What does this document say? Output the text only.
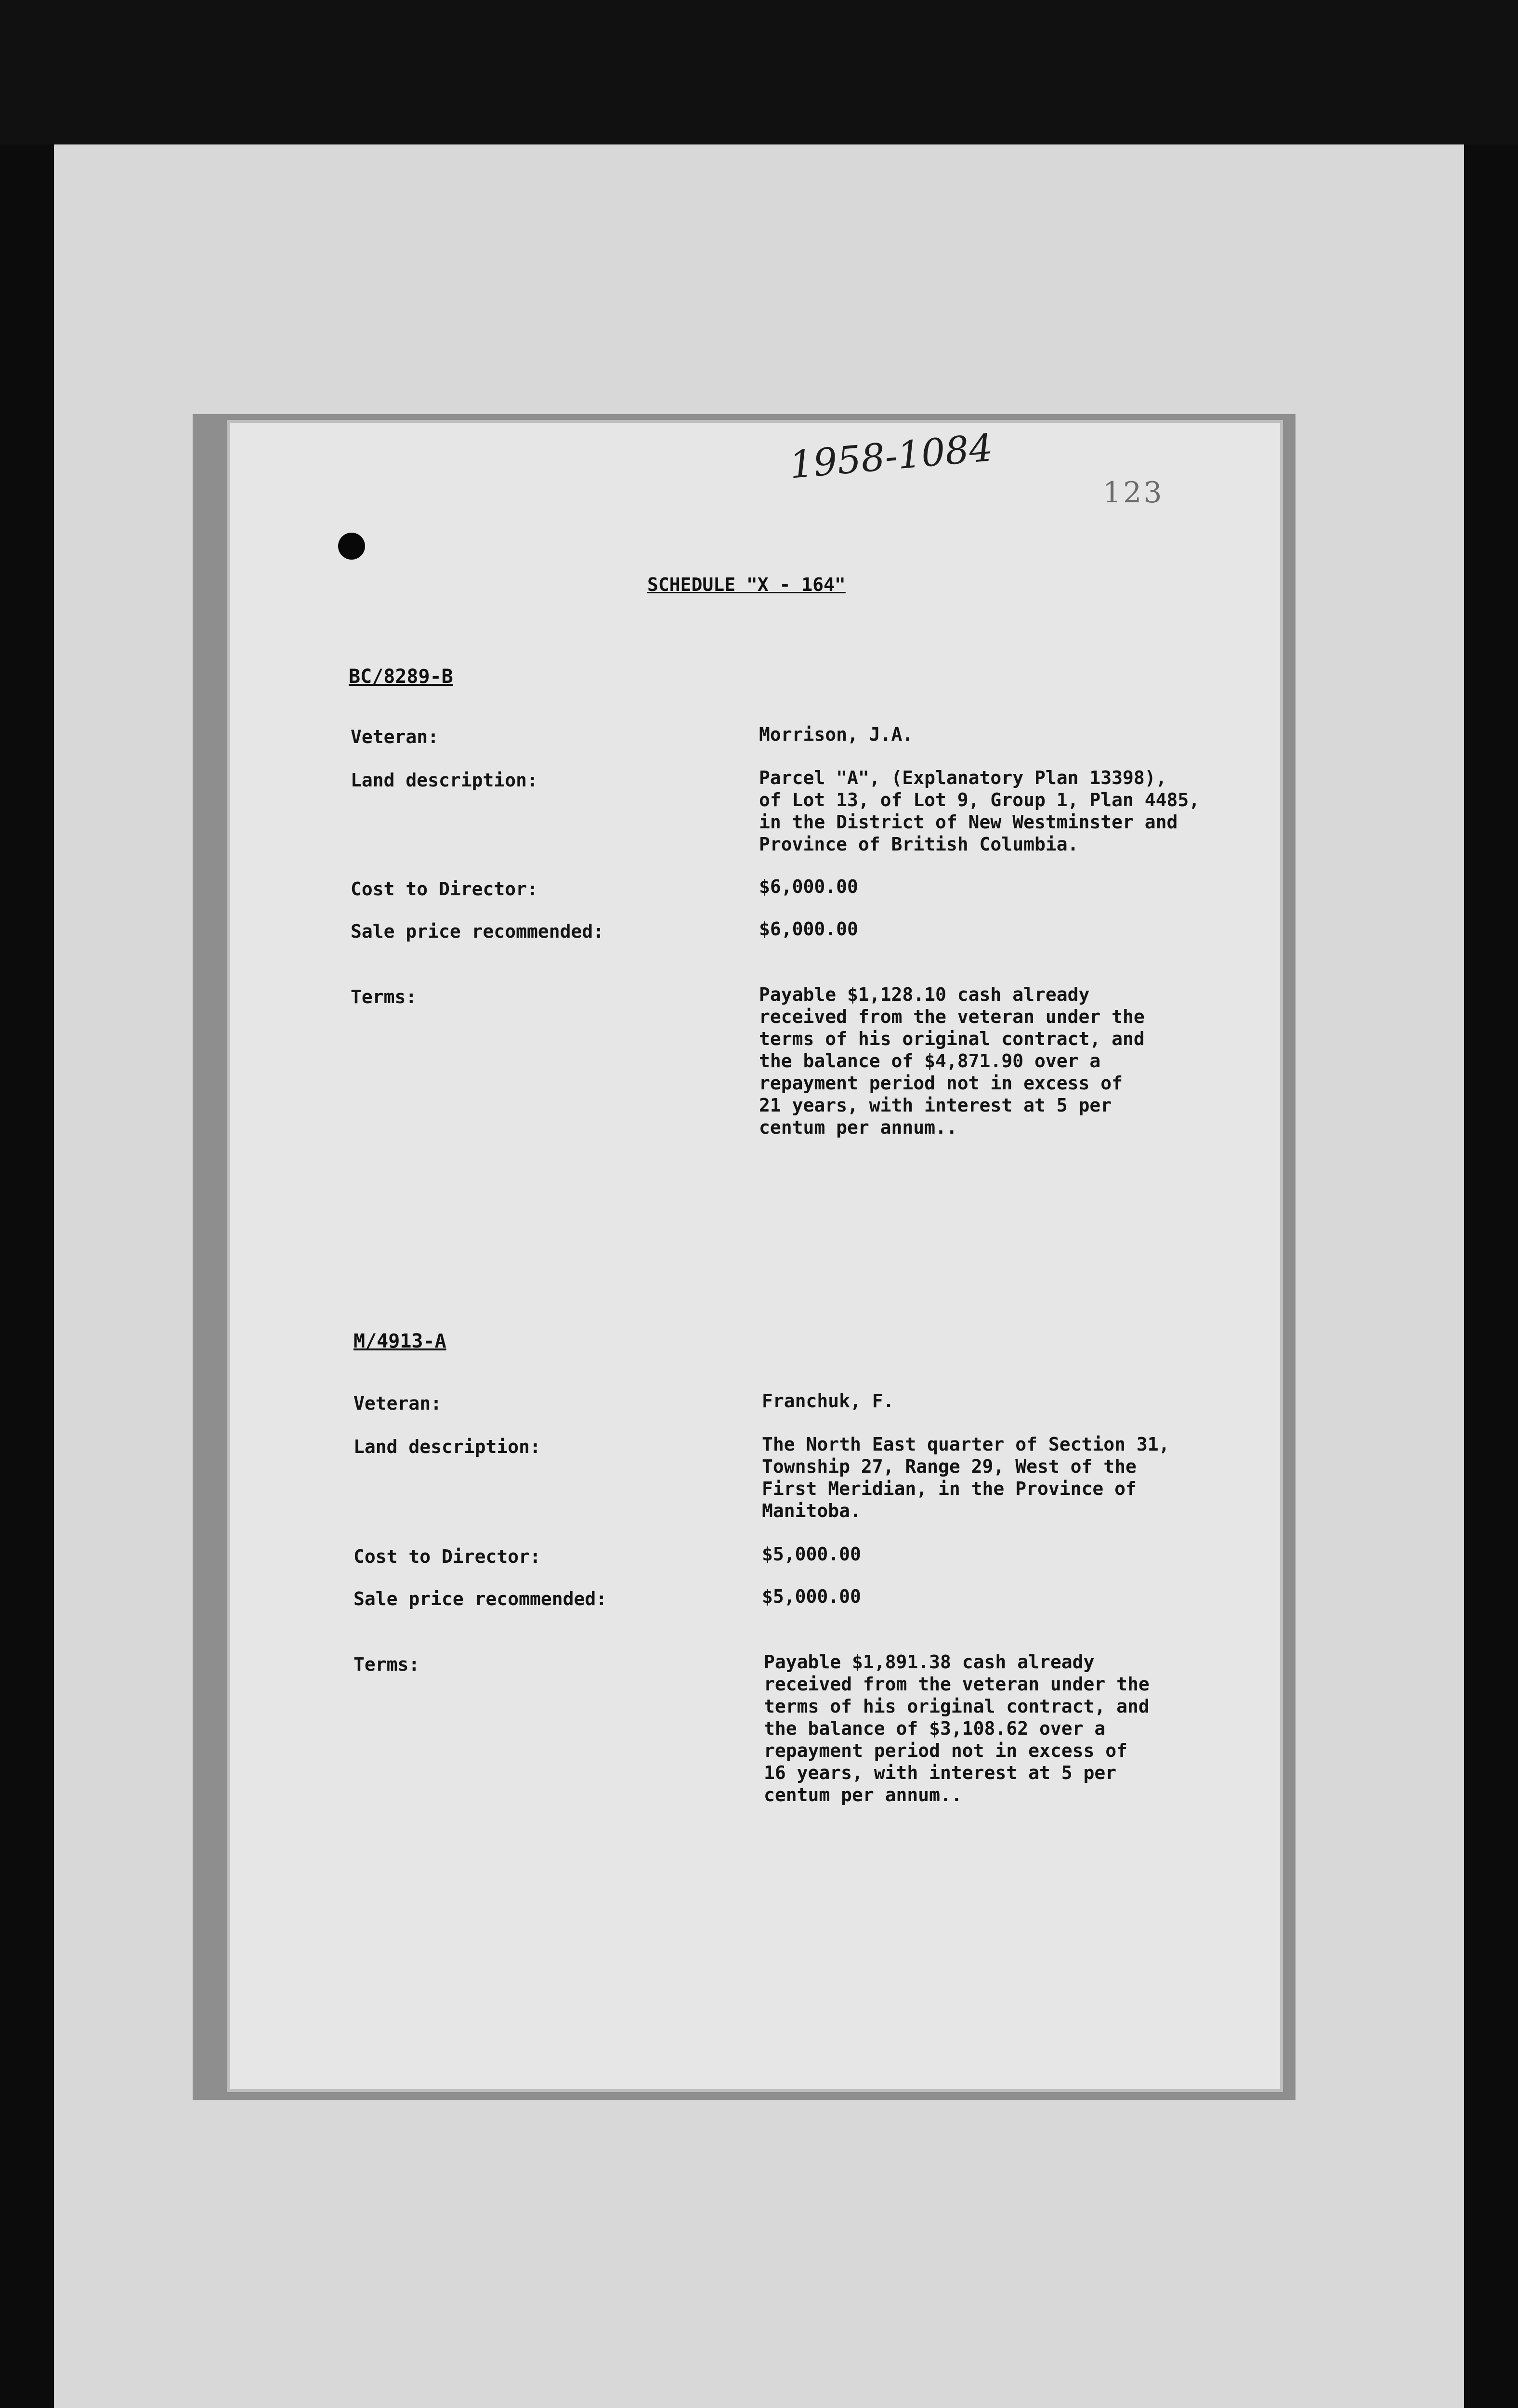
1958-1084
123
SCHEDULE "X - 164"
BC/8289-B
Veteran:	Morrison, J.A.
Land description:	Parcel "A", (Explanatory Plan 13398),
of Lot 13, of Lot 9, Group 1, Plan 4485,
in the District of New Westminster and
Province of British Columbia.
Cost to Director:	$6,000.00
Sale price recommended:	$6,000.00
Terms:	Payable $1,128.10 cash already
received from the veteran under the
terms of his original contract, and
the balance of $4,871.90 over a
repayment period not in excess of
21 years, with interest at 5 per
centum per annum..
M/4913-A
Veteran:	Franchuk, F.
Land description:	The North East quarter of Section 31,
Township 27, Range 29, West of the
First Meridian, in the Province of
Manitoba.
Cost to Director:	$5,000.00
Sale price recommended:	$5,000.00
Terms:	Payable $1,891.38 cash already
received from the veteran under the
terms of his original contract, and
the balance of $3,108.62 over a
repayment period not in excess of
16 years, with interest at 5 per
centum per annum..
